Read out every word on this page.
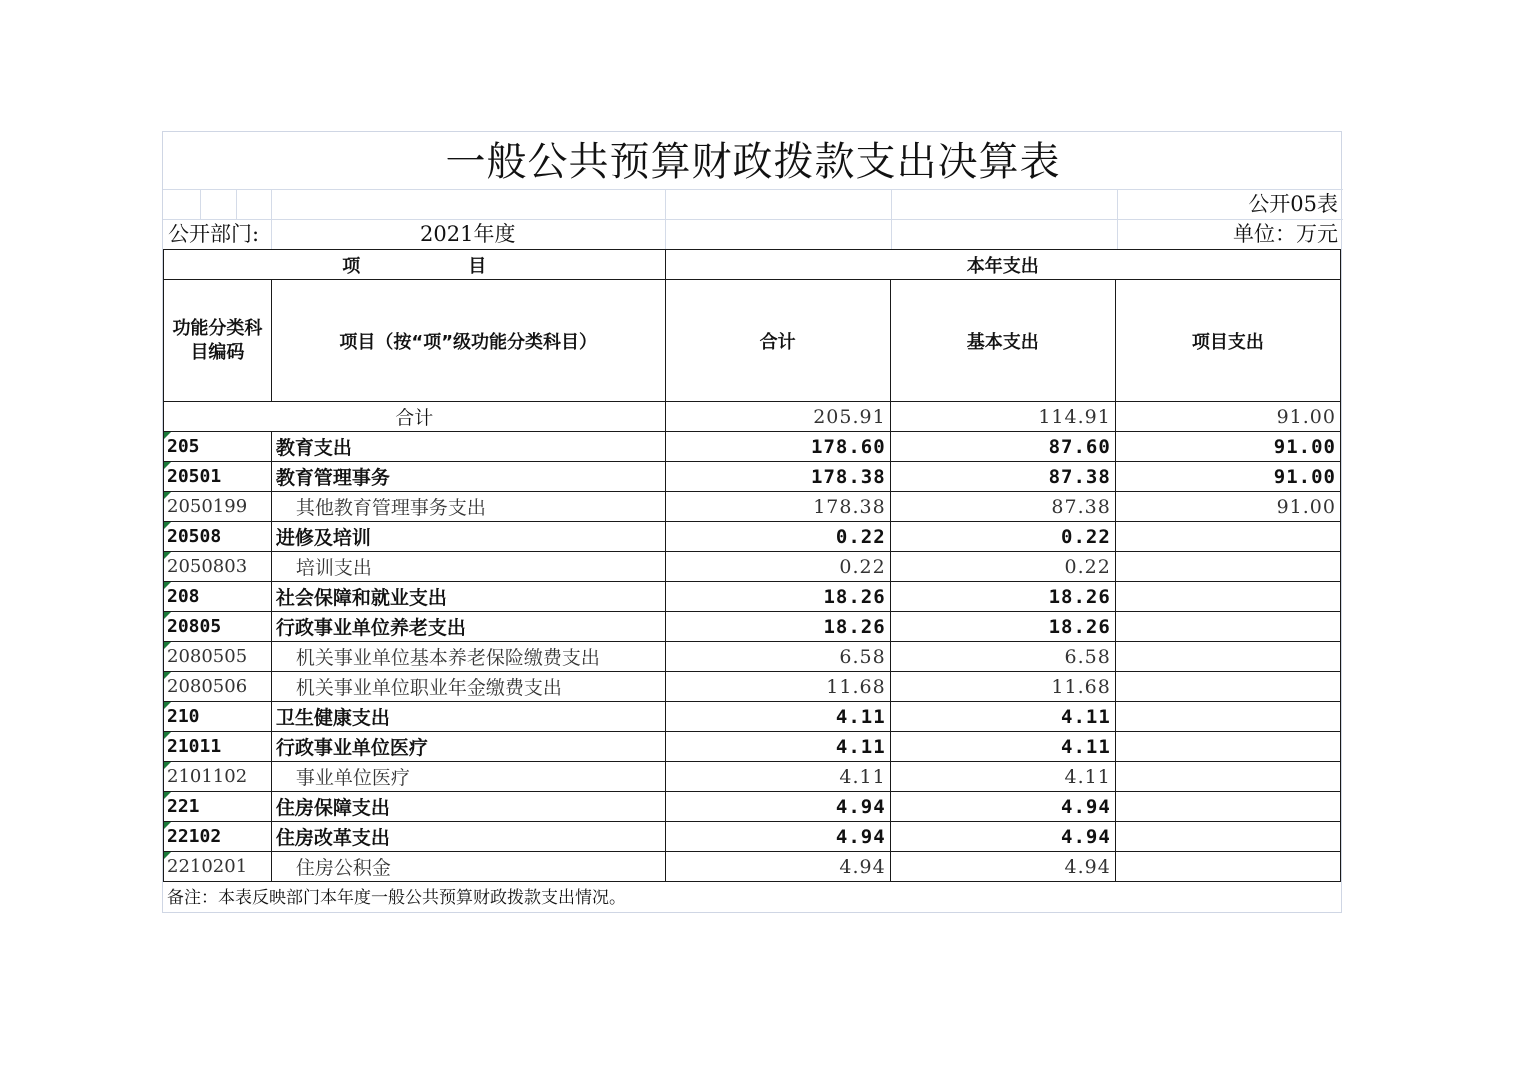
一般公共预算财政拨款支出决算表
公开05表
公开部门:	2021年度	单位：万元
项　　　　　　目		本年支出		
功能分类科目编码	项目（按“项”级功能分类科目）	合计	基本支出	项目支出
合计		205.91	114.91	91.00

205	教育支出	178.60	87.60	91.00

20501	教育管理事务	178.38	87.38	91.00

2050199	其他教育管理事务支出	178.38	87.38	91.00

20508	进修及培训	0.22	0.22	

2050803	培训支出	0.22	0.22	

208	社会保障和就业支出	18.26	18.26	

20805	行政事业单位养老支出	18.26	18.26	

2080505	机关事业单位基本养老保险缴费支出	6.58	6.58	

2080506	机关事业单位职业年金缴费支出	11.68	11.68	

210	卫生健康支出	4.11	4.11	

21011	行政事业单位医疗	4.11	4.11	

2101102	事业单位医疗	4.11	4.11	

221	住房保障支出	4.94	4.94	

22102	住房改革支出	4.94	4.94	

2210201	住房公积金	4.94	4.94	
备注：本表反映部门本年度一般公共预算财政拨款支出情况。
